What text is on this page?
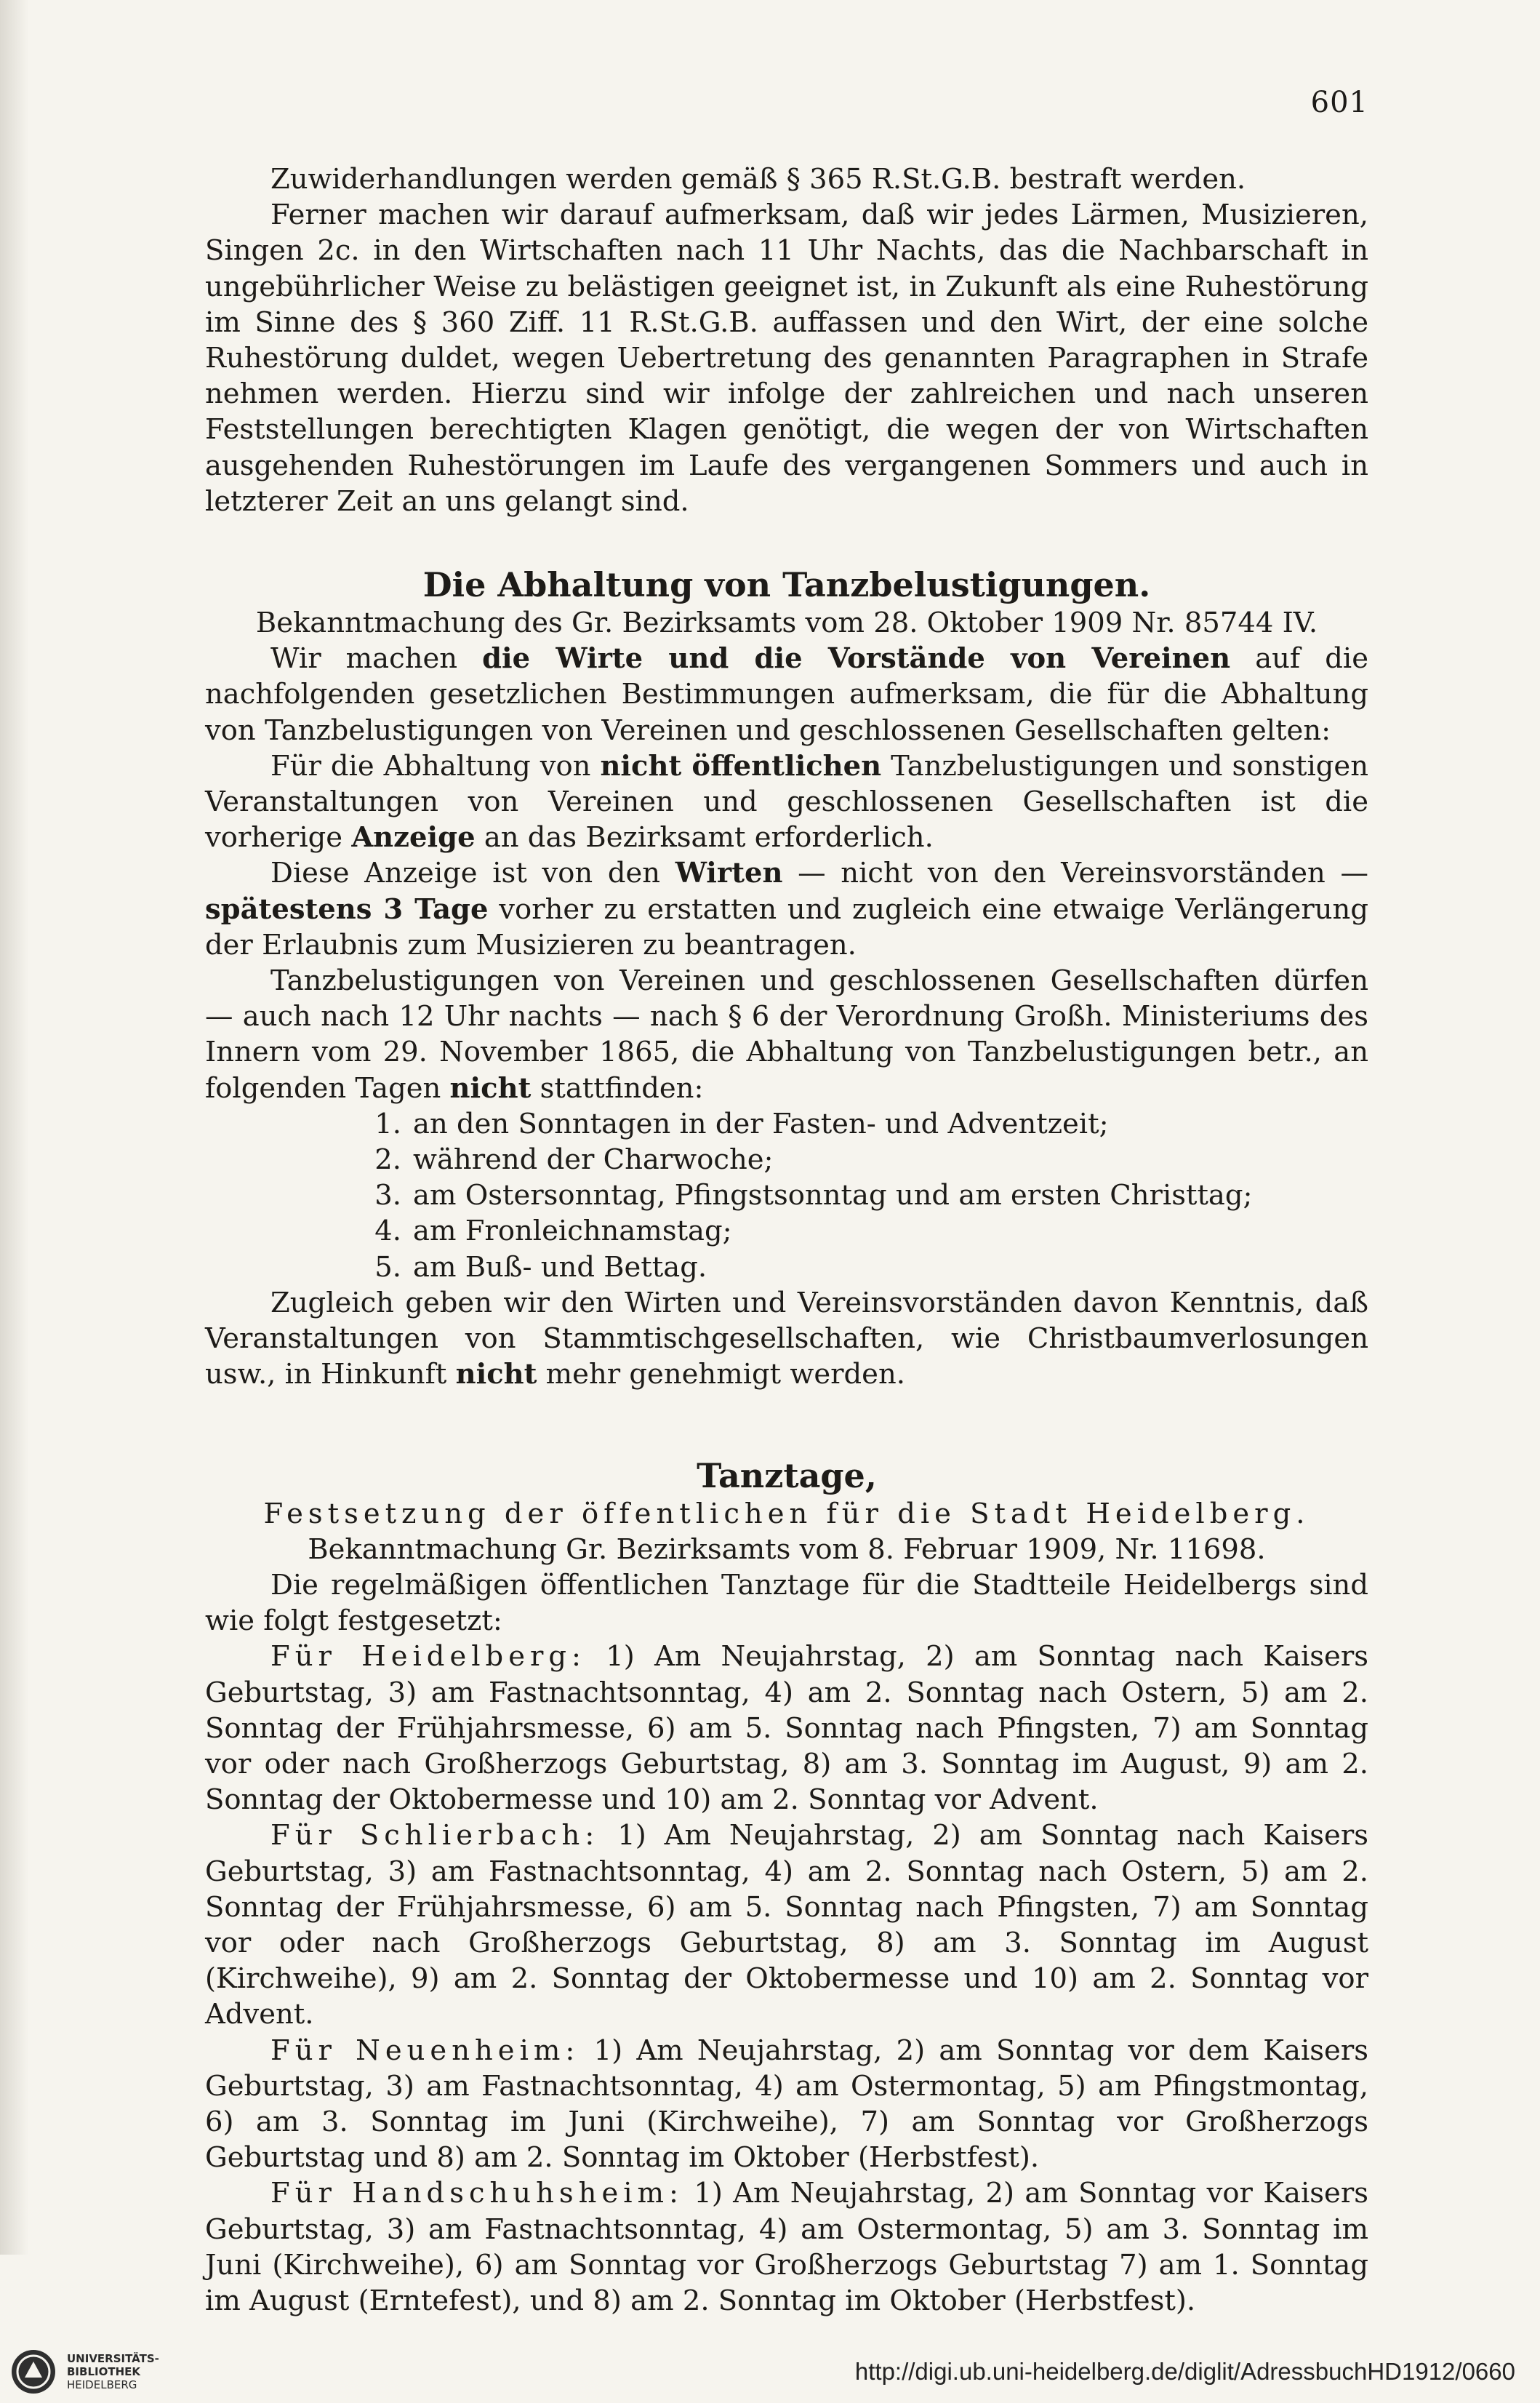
601

Zuwiderhandlungen werden gemäß § 365 R.St.G.B. bestraft werden.

Ferner machen wir darauf aufmerksam, daß wir jedes Lärmen, Musizieren, Singen 2c. in den Wirtschaften nach 11 Uhr Nachts, das die Nachbarschaft in ungebührlicher Weise zu belästigen geeignet ist, in Zukunft als eine Ruhestörung im Sinne des § 360 Ziff. 11 R.St.G.B. auffassen und den Wirt, der eine solche Ruhestörung duldet, wegen Uebertretung des genannten Paragraphen in Strafe nehmen werden. Hierzu sind wir infolge der zahlreichen und nach unseren Feststellungen berechtigten Klagen genötigt, die wegen der von Wirtschaften ausgehenden Ruhestörungen im Laufe des vergangenen Sommers und auch in letzterer Zeit an uns gelangt sind.

Die Abhaltung von Tanzbelustigungen.

Bekanntmachung des Gr. Bezirksamts vom 28. Oktober 1909 Nr. 85744 IV.

Wir machen die Wirte und die Vorstände von Vereinen auf die nachfolgenden gesetzlichen Bestimmungen aufmerksam, die für die Abhaltung von Tanzbelustigungen von Vereinen und geschlossenen Gesellschaften gelten:

Für die Abhaltung von nicht öffentlichen Tanzbelustigungen und sonstigen Veranstaltungen von Vereinen und geschlossenen Gesellschaften ist die vorherige Anzeige an das Bezirksamt erforderlich.

Diese Anzeige ist von den Wirten — nicht von den Vereinsvorständen — spätestens 3 Tage vorher zu erstatten und zugleich eine etwaige Verlängerung der Erlaubnis zum Musizieren zu beantragen.

Tanzbelustigungen von Vereinen und geschlossenen Gesellschaften dürfen — auch nach 12 Uhr nachts — nach § 6 der Verordnung Großh. Ministeriums des Innern vom 29. November 1865, die Abhaltung von Tanzbelustigungen betr., an folgenden Tagen nicht stattfinden:

1. an den Sonntagen in der Fasten- und Adventzeit;
2. während der Charwoche;
3. am Ostersonntag, Pfingstsonntag und am ersten Christtag;
4. am Fronleichnamstag;
5. am Buß- und Bettag.

Zugleich geben wir den Wirten und Vereinsvorständen davon Kenntnis, daß Veranstaltungen von Stammtischgesellschaften, wie Christbaumverlosungen usw., in Hinkunft nicht mehr genehmigt werden.

Tanztage,

Festsetzung der öffentlichen für die Stadt Heidelberg.

Bekanntmachung Gr. Bezirksamts vom 8. Februar 1909, Nr. 11698.

Die regelmäßigen öffentlichen Tanztage für die Stadtteile Heidelbergs sind wie folgt festgesetzt:

Für Heidelberg: 1) Am Neujahrstag, 2) am Sonntag nach Kaisers Geburtstag, 3) am Fastnachtsonntag, 4) am 2. Sonntag nach Ostern, 5) am 2. Sonntag der Frühjahrsmesse, 6) am 5. Sonntag nach Pfingsten, 7) am Sonntag vor oder nach Großherzogs Geburtstag, 8) am 3. Sonntag im August, 9) am 2. Sonntag der Oktobermesse und 10) am 2. Sonntag vor Advent.

Für Schlierbach: 1) Am Neujahrstag, 2) am Sonntag nach Kaisers Geburtstag, 3) am Fastnachtsonntag, 4) am 2. Sonntag nach Ostern, 5) am 2. Sonntag der Frühjahrsmesse, 6) am 5. Sonntag nach Pfingsten, 7) am Sonntag vor oder nach Großherzogs Geburtstag, 8) am 3. Sonntag im August (Kirchweihe), 9) am 2. Sonntag der Oktobermesse und 10) am 2. Sonntag vor Advent.

Für Neuenheim: 1) Am Neujahrstag, 2) am Sonntag vor dem Kaisers Geburtstag, 3) am Fastnachtsonntag, 4) am Ostermontag, 5) am Pfingstmontag, 6) am 3. Sonntag im Juni (Kirchweihe), 7) am Sonntag vor Großherzogs Geburtstag und 8) am 2. Sonntag im Oktober (Herbstfest).

Für Handschuhsheim: 1) Am Neujahrstag, 2) am Sonntag vor Kaisers Geburtstag, 3) am Fastnachtsonntag, 4) am Ostermontag, 5) am 3. Sonntag im Juni (Kirchweihe), 6) am Sonntag vor Großherzogs Geburtstag 7) am 1. Sonntag im August (Erntefest), und 8) am 2. Sonntag im Oktober (Herbstfest).

UNIVERSITÄTS-
BIBLIOTHEK
HEIDELBERG	http://digi.ub.uni-heidelberg.de/diglit/AdressbuchHD1912/0660
